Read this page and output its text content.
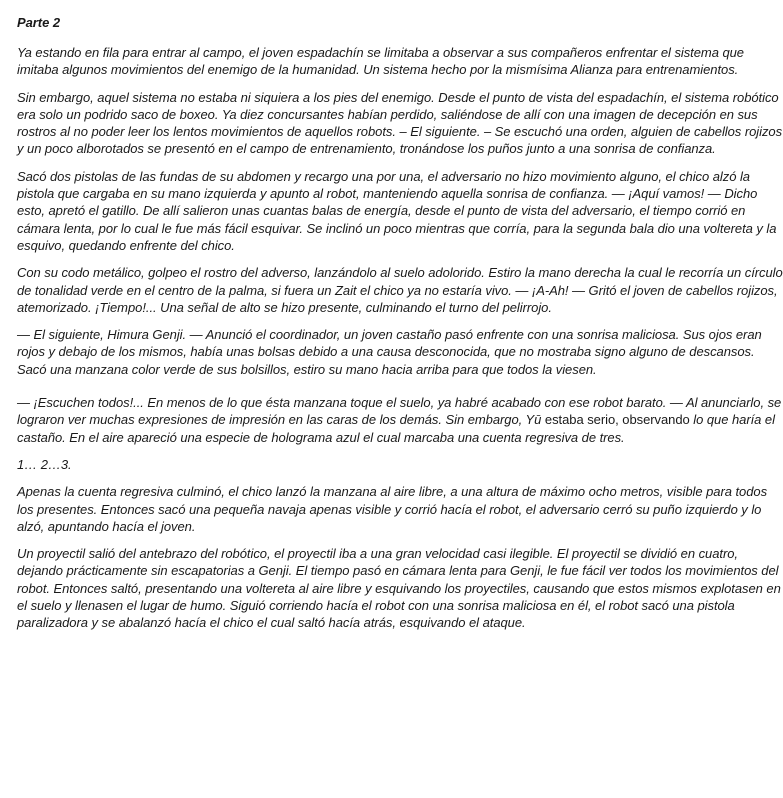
Parte 2

Ya estando en fila para entrar al campo, el joven espadachín se limitaba a observar a sus compañeros enfrentar el sistema que imitaba algunos movimientos del enemigo de la humanidad. Un sistema hecho por la mismísima Alianza para entrenamientos.

Sin embargo, aquel sistema no estaba ni siquiera a los pies del enemigo. Desde el punto de vista del espadachín, el sistema robótico era solo un podrido saco de boxeo. Ya diez concursantes habían perdido, saliéndose de allí con una imagen de decepción en sus rostros al no poder leer los lentos movimientos de aquellos robots. – El siguiente. – Se escuchó una orden, alguien de cabellos rojizos y un poco alborotados se presentó en el campo de entrenamiento, tronándose los puños junto a una sonrisa de confianza.

Sacó dos pistolas de las fundas de su abdomen y recargo una por una, el adversario no hizo movimiento alguno, el chico alzó la pistola que cargaba en su mano izquierda y apunto al robot, manteniendo aquella sonrisa de confianza. — ¡Aquí vamos! — Dicho esto, apretó el gatillo. De allí salieron unas cuantas balas de energía, desde el punto de vista del adversario, el tiempo corrió en cámara lenta, por lo cual le fue más fácil esquivar. Se inclinó un poco mientras que corría, para la segunda bala dio una voltereta y la esquivo, quedando enfrente del chico.

Con su codo metálico, golpeo el rostro del adverso, lanzándolo al suelo adolorido. Estiro la mano derecha la cual le recorría un círculo de tonalidad verde en el centro de la palma, si fuera un Zait el chico ya no estaría vivo. — ¡A-Ah! — Gritó el joven de cabellos rojizos, atemorizado. ¡Tiempo!... Una señal de alto se hizo presente, culminando el turno del pelirrojo.

— El siguiente, Himura Genji. — Anunció el coordinador, un joven castaño pasó enfrente con una sonrisa maliciosa. Sus ojos eran rojos y debajo de los mismos, había unas bolsas debido a una causa desconocida, que no mostraba signo alguno de descansos. Sacó una manzana color verde de sus bolsillos, estiro su mano hacia arriba para que todos la viesen.

— ¡Escuchen todos!... En menos de lo que ésta manzana toque el suelo, ya habré acabado con ese robot barato. — Al anunciarlo, se lograron ver muchas expresiones de impresión en las caras de los demás. Sin embargo, Yū estaba serio, observando lo que haría el castaño. En el aire apareció una especie de holograma azul el cual marcaba una cuenta regresiva de tres.

1… 2…3.

Apenas la cuenta regresiva culminó, el chico lanzó la manzana al aire libre, a una altura de máximo ocho metros, visible para todos los presentes. Entonces sacó una pequeña navaja apenas visible y corrió hacía el robot, el adversario cerró su puño izquierdo y lo alzó, apuntando hacía el joven.

Un proyectil salió del antebrazo del robótico, el proyectil iba a una gran velocidad casi ilegible. El proyectil se dividió en cuatro, dejando prácticamente sin escapatorias a Genji. El tiempo pasó en cámara lenta para Genji, le fue fácil ver todos los movimientos del robot. Entonces saltó, presentando una voltereta al aire libre y esquivando los proyectiles, causando que estos mismos explotasen en el suelo y llenasen el lugar de humo. Siguió corriendo hacía el robot con una sonrisa maliciosa en él, el robot sacó una pistola paralizadora y se abalanzó hacía el chico el cual saltó hacía atrás, esquivando el ataque.
